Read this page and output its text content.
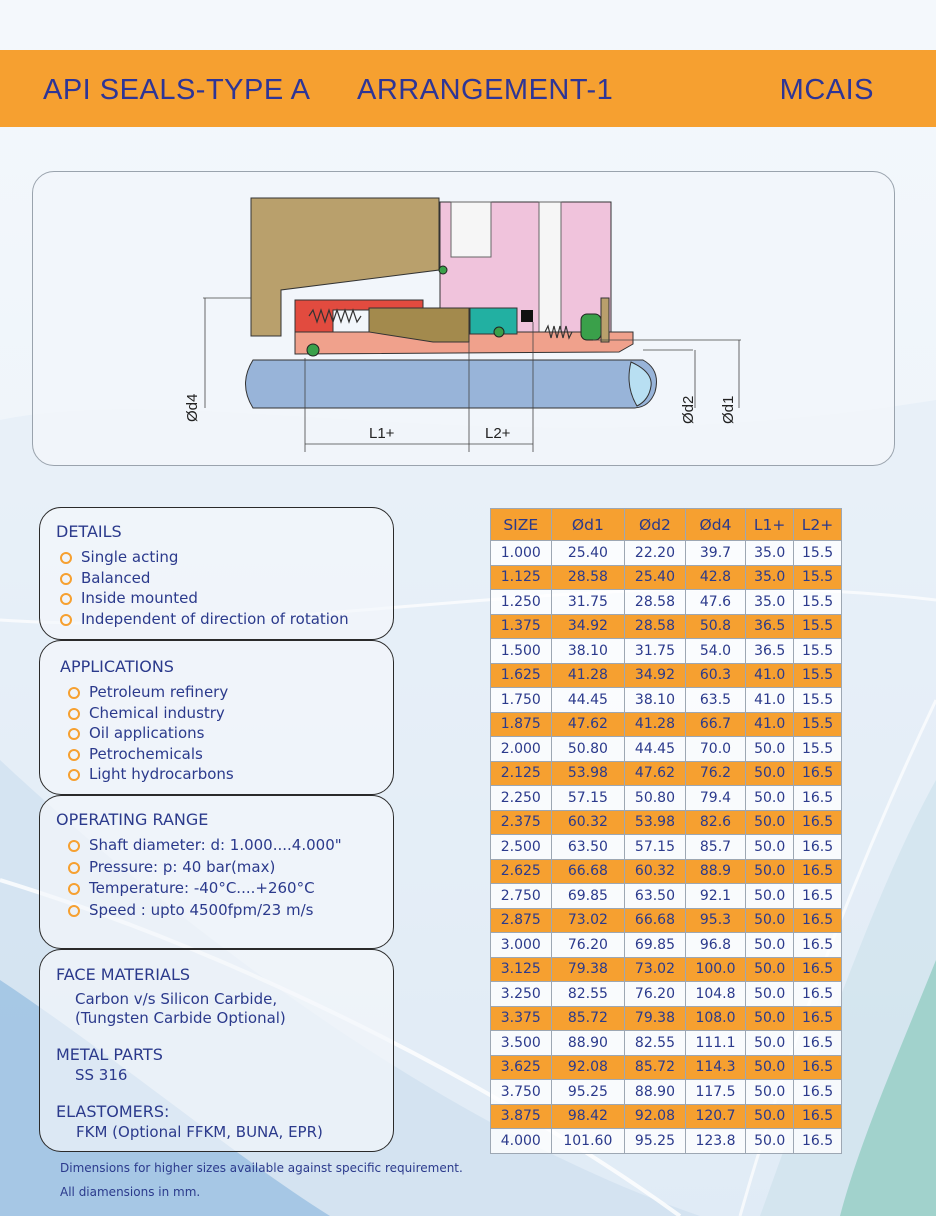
API SEALS-TYPE A ARRANGEMENT-1	MCAIS
Ød4	Ød2 Ød1
L1+	L2+
DETAILS
Single acting
Balanced
Inside mounted
Independent of direction of rotation
APPLICATIONS
Petroleum refinery
Chemical industry
Oil applications
Petrochemicals
Light hydrocarbons
OPERATING RANGE
Shaft diameter: d: 1.000....4.000"
Pressure: p: 40 bar(max)
Temperature: -40°C....+260°C
Speed : upto 4500fpm/23 m/s
FACE MATERIALS
Carbon v/s Silicon Carbide,
(Tungsten Carbide Optional)
METAL PARTS
SS 316
ELASTOMERS:
FKM (Optional FFKM, BUNA, EPR)
Dimensions for higher sizes available against specific requirement.
All diamensions in mm.
SIZE	Ød1	Ød2	Ød4	L1+	L2+
1.000	25.40	22.20	39.7	35.0	15.5
1.125	28.58	25.40	42.8	35.0	15.5
1.250	31.75	28.58	47.6	35.0	15.5
1.375	34.92	28.58	50.8	36.5	15.5
1.500	38.10	31.75	54.0	36.5	15.5
1.625	41.28	34.92	60.3	41.0	15.5
1.750	44.45	38.10	63.5	41.0	15.5
1.875	47.62	41.28	66.7	41.0	15.5
2.000	50.80	44.45	70.0	50.0	15.5
2.125	53.98	47.62	76.2	50.0	16.5
2.250	57.15	50.80	79.4	50.0	16.5
2.375	60.32	53.98	82.6	50.0	16.5
2.500	63.50	57.15	85.7	50.0	16.5
2.625	66.68	60.32	88.9	50.0	16.5
2.750	69.85	63.50	92.1	50.0	16.5
2.875	73.02	66.68	95.3	50.0	16.5
3.000	76.20	69.85	96.8	50.0	16.5
3.125	79.38	73.02	100.0	50.0	16.5
3.250	82.55	76.20	104.8	50.0	16.5
3.375	85.72	79.38	108.0	50.0	16.5
3.500	88.90	82.55	111.1	50.0	16.5
3.625	92.08	85.72	114.3	50.0	16.5
3.750	95.25	88.90	117.5	50.0	16.5
3.875	98.42	92.08	120.7	50.0	16.5
4.000	101.60	95.25	123.8	50.0	16.5
